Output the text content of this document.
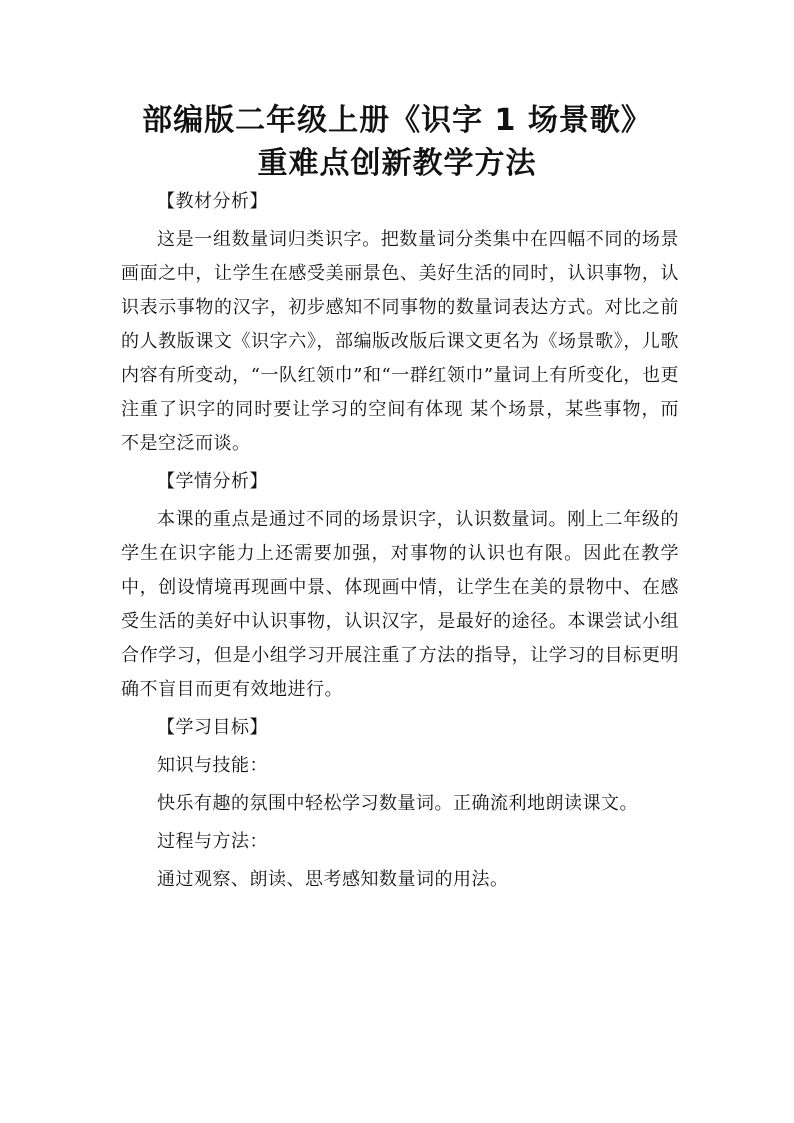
部编版二年级上册《识字 1 场景歌》
重难点创新教学方法

【教材分析】

这是一组数量词归类识字。把数量词分类集中在四幅不同的场景画面之中，让学生在感受美丽景色、美好生活的同时，认识事物，认识表示事物的汉字，初步感知不同事物的数量词表达方式。对比之前的人教版课文《识字六》，部编版改版后课文更名为《场景歌》，儿歌内容有所变动，“一队红领巾”和“一群红领巾”量词上有所变化，也更注重了识字的同时要让学习的空间有体现 某个场景，某些事物，而不是空泛而谈。

【学情分析】

本课的重点是通过不同的场景识字，认识数量词。刚上二年级的学生在识字能力上还需要加强，对事物的认识也有限。因此在教学中，创设情境再现画中景、体现画中情，让学生在美的景物中、在感受生活的美好中认识事物，认识汉字，是最好的途径。本课尝试小组合作学习，但是小组学习开展注重了方法的指导，让学习的目标更明确不盲目而更有效地进行。

【学习目标】

知识与技能：

快乐有趣的氛围中轻松学习数量词。正确流利地朗读课文。

过程与方法：

通过观察、朗读、思考感知数量词的用法。
